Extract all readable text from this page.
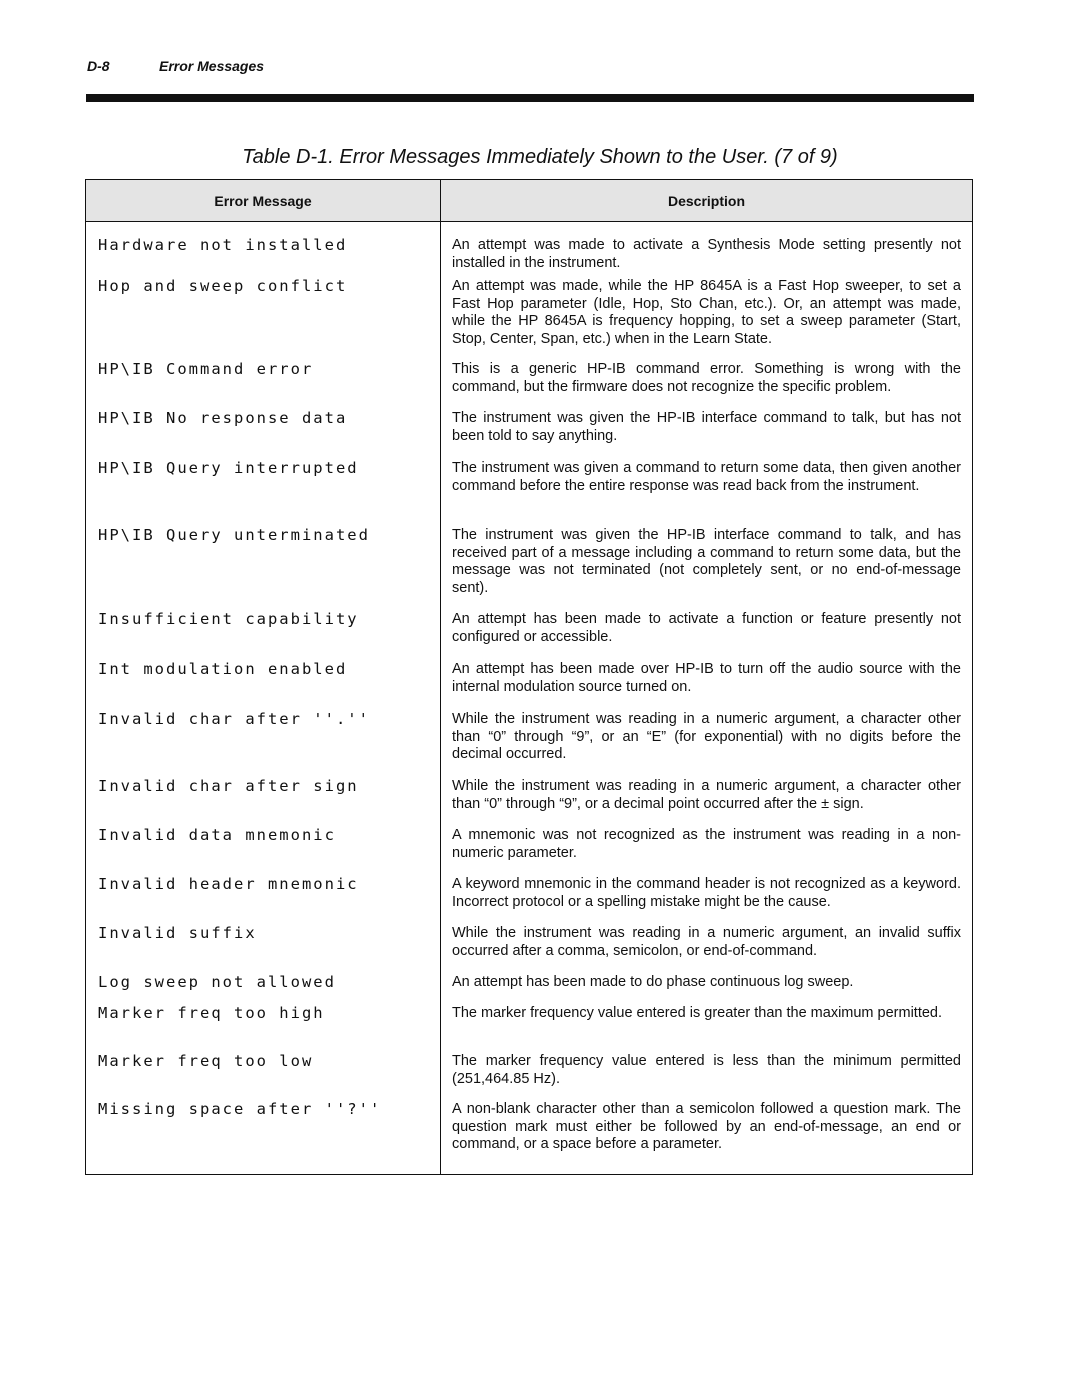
D-8	Error Messages
Table D-1. Error Messages Immediately Shown to the User. (7 of 9)
Error Message	Description
Hardware not installed	An attempt was made to activate a Synthesis Mode setting presently not installed in the instrument.
Hop and sweep conflict	An attempt was made, while the HP 8645A is a Fast Hop sweeper, to set a Fast Hop parameter (Idle, Hop, Sto Chan, etc.). Or, an attempt was made, while the HP 8645A is frequency hopping, to set a sweep parameter (Start, Stop, Center, Span, etc.) when in the Learn State.
HP\IB Command error	This is a generic HP-IB command error. Something is wrong with the command, but the firmware does not recognize the specific problem.
HP\IB No response data	The instrument was given the HP-IB interface command to talk, but has not been told to say anything.
HP\IB Query interrupted	The instrument was given a command to return some data, then given another command before the entire response was read back from the instrument.
HP\IB Query unterminated	The instrument was given the HP-IB interface command to talk, and has received part of a message including a command to return some data, but the message was not terminated (not completely sent, or no end-of-message sent).
Insufficient capability	An attempt has been made to activate a function or feature presently not configured or accessible.
Int modulation enabled	An attempt has been made over HP-IB to turn off the audio source with the internal modulation source turned on.
Invalid char after ''.''	While the instrument was reading in a numeric argument, a character other than “0” through “9”, or an “E” (for exponential) with no digits before the decimal occurred.
Invalid char after sign	While the instrument was reading in a numeric argument, a character other than “0” through “9”, or a decimal point occurred after the ± sign.
Invalid data mnemonic	A mnemonic was not recognized as the instrument was reading in a non-numeric parameter.
Invalid header mnemonic	A keyword mnemonic in the command header is not recognized as a keyword. Incorrect protocol or a spelling mistake might be the cause.
Invalid suffix	While the instrument was reading in a numeric argument, an invalid suffix occurred after a comma, semicolon, or end-of-command.
Log sweep not allowed	An attempt has been made to do phase continuous log sweep.
Marker freq too high	The marker frequency value entered is greater than the maximum permitted.
Marker freq too low	The marker frequency value entered is less than the minimum permitted (251,464.85 Hz).
Missing space after ''?''	A non-blank character other than a semicolon followed a question mark. The question mark must either be followed by an end-of-message, an end or command, or a space before a parameter.
